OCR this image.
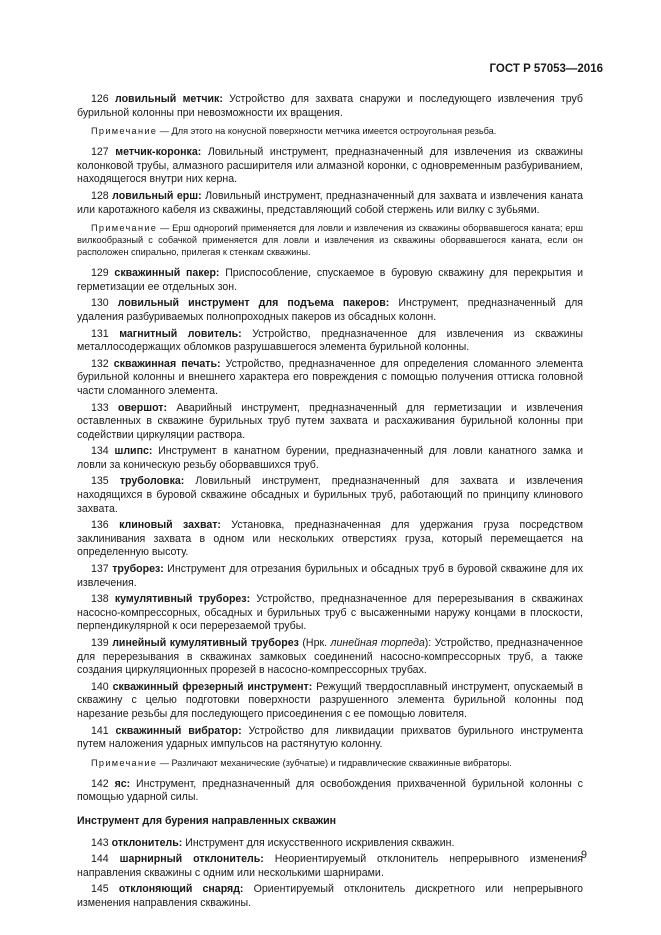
ГОСТ Р 57053—2016

126 ловильный метчик: Устройство для захвата снаружи и последующего извлечения труб бурильной колонны при невозможности их вращения.

Примечание — Для этого на конусной поверхности метчика имеется остроугольная резьба.

127 метчик-коронка: Ловильный инструмент, предназначенный для извлечения из скважины колонковой трубы, алмазного расширителя или алмазной коронки, с одновременным разбуриванием, находящегося внутри них керна.

128 ловильный ерш: Ловильный инструмент, предназначенный для захвата и извлечения каната или каротажного кабеля из скважины, представляющий собой стержень или вилку с зубьями.

Примечание — Ерш однорогий применяется для ловли и извлечения из скважины оборвавшегося каната; ерш вилкообразный с собачкой применяется для ловли и извлечения из скважины оборвавшегося каната, если он расположен спирально, прилегая к стенкам скважины.

129 скважинный пакер: Приспособление, спускаемое в буровую скважину для перекрытия и герметизации ее отдельных зон.

130 ловильный инструмент для подъема пакеров: Инструмент, предназначенный для удаления разбуриваемых полнопроходных пакеров из обсадных колонн.

131 магнитный ловитель: Устройство, предназначенное для извлечения из скважины металлосодержащих обломков разрушавшегося элемента бурильной колонны.

132 скважинная печать: Устройство, предназначенное для определения сломанного элемента бурильной колонны и внешнего характера его повреждения с помощью получения оттиска головной части сломанного элемента.

133 овершот: Аварийный инструмент, предназначенный для герметизации и извлечения оставленных в скважине бурильных труб путем захвата и расхаживания бурильной колонны при содействии циркуляции раствора.

134 шлипс: Инструмент в канатном бурении, предназначенный для ловли канатного замка и ловли за коническую резьбу оборвавшихся труб.

135 труболовка: Ловильный инструмент, предназначенный для захвата и извлечения находящихся в буровой скважине обсадных и бурильных труб, работающий по принципу клинового захвата.

136 клиновый захват: Установка, предназначенная для удержания груза посредством заклинивания захвата в одном или нескольких отверстиях груза, который перемещается на определенную высоту.

137 труборез: Инструмент для отрезания бурильных и обсадных труб в буровой скважине для их извлечения.

138 кумулятивный труборез: Устройство, предназначенное для перерезывания в скважинах насосно-компрессорных, обсадных и бурильных труб с высаженными наружу концами в плоскости, перпендикулярной к оси перерезаемой трубы.

139 линейный кумулятивный труборез (Нрк. линейная торпеда): Устройство, предназначенное для перерезывания в скважинах замковых соединений насосно-компрессорных труб, а также создания циркуляционных прорезей в насосно-компрессорных трубах.

140 скважинный фрезерный инструмент: Режущий твердосплавный инструмент, опускаемый в скважину с целью подготовки поверхности разрушенного элемента бурильной колонны под нарезание резьбы для последующего присоединения с ее помощью ловителя.

141 скважинный вибратор: Устройство для ликвидации прихватов бурильного инструмента путем наложения ударных импульсов на растянутую колонну.

Примечание — Различают механические (зубчатые) и гидравлические скважинные вибраторы.

142 яс: Инструмент, предназначенный для освобождения прихваченной бурильной колонны с помощью ударной силы.

Инструмент для бурения направленных скважин

143 отклонитель: Инструмент для искусственного искривления скважин.

144 шарнирный отклонитель: Неориентируемый отклонитель непрерывного изменения направления скважины с одним или несколькими шарнирами.

145 отклоняющий снаряд: Ориентируемый отклонитель дискретного или непрерывного изменения направления скважины.

9
